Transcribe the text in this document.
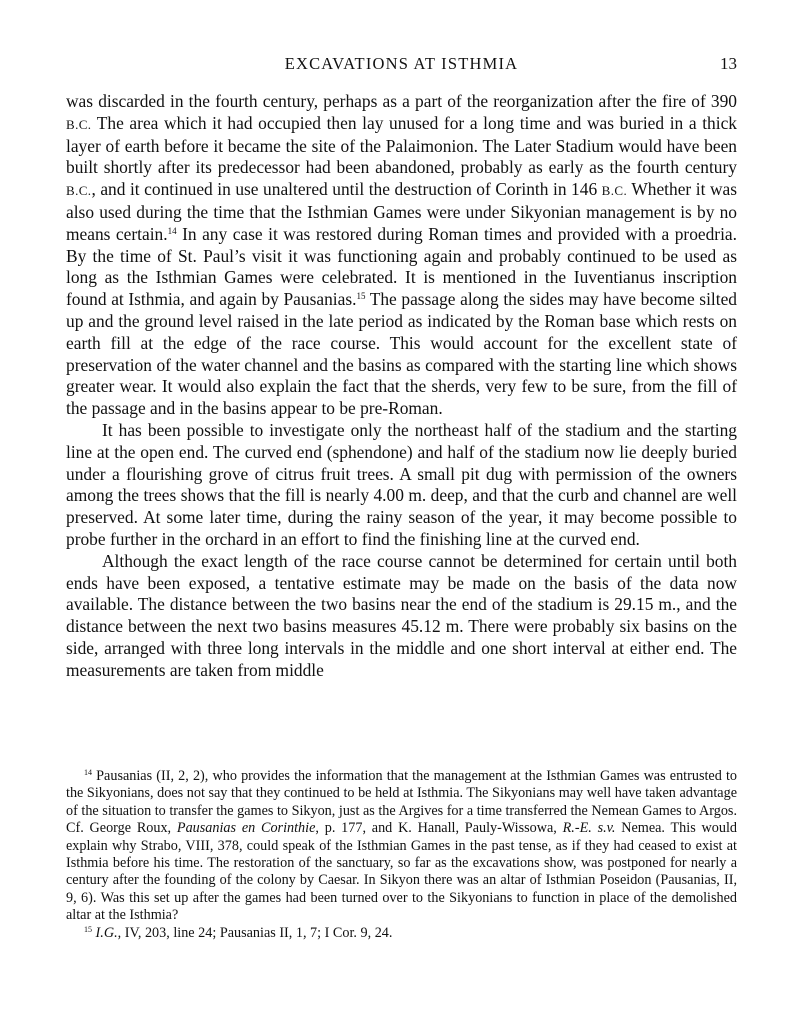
EXCAVATIONS AT ISTHMIA	13

was discarded in the fourth century, perhaps as a part of the reorganization after the fire of 390 B.C. The area which it had occupied then lay unused for a long time and was buried in a thick layer of earth before it became the site of the Palaimonion. The Later Stadium would have been built shortly after its predecessor had been abandoned, probably as early as the fourth century B.C., and it continued in use unaltered until the destruction of Corinth in 146 B.C. Whether it was also used during the time that the Isthmian Games were under Sikyonian management is by no means certain.$^{14}$ In any case it was restored during Roman times and provided with a proedria. By the time of St. Paul’s visit it was functioning again and probably continued to be used as long as the Isthmian Games were celebrated. It is mentioned in the Iuventianus inscription found at Isthmia, and again by Pausanias.$^{15}$ The passage along the sides may have become silted up and the ground level raised in the late period as indicated by the Roman base which rests on earth fill at the edge of the race course. This would account for the excellent state of preservation of the water channel and the basins as compared with the starting line which shows greater wear. It would also explain the fact that the sherds, very few to be sure, from the fill of the passage and in the basins appear to be pre-Roman.

It has been possible to investigate only the northeast half of the stadium and the starting line at the open end. The curved end (sphendone) and half of the stadium now lie deeply buried under a flourishing grove of citrus fruit trees. A small pit dug with permission of the owners among the trees shows that the fill is nearly 4.00 m. deep, and that the curb and channel are well preserved. At some later time, during the rainy season of the year, it may become possible to probe further in the orchard in an effort to find the finishing line at the curved end.

Although the exact length of the race course cannot be determined for certain until both ends have been exposed, a tentative estimate may be made on the basis of the data now available. The distance between the two basins near the end of the stadium is 29.15 m., and the distance between the next two basins measures 45.12 m. There were probably six basins on the side, arranged with three long intervals in the middle and one short interval at either end. The measurements are taken from middle

$^{14}$ Pausanias (II, 2, 2), who provides the information that the management at the Isthmian Games was entrusted to the Sikyonians, does not say that they continued to be held at Isthmia. The Sikyonians may well have taken advantage of the situation to transfer the games to Sikyon, just as the Argives for a time transferred the Nemean Games to Argos. Cf. George Roux, Pausanias en Corinthie, p. 177, and K. Hanall, Pauly-Wissowa, R.-E. s.v. Nemea. This would explain why Strabo, VIII, 378, could speak of the Isthmian Games in the past tense, as if they had ceased to exist at Isthmia before his time. The restoration of the sanctuary, so far as the excavations show, was postponed for nearly a century after the founding of the colony by Caesar. In Sikyon there was an altar of Isthmian Poseidon (Pausanias, II, 9, 6). Was this set up after the games had been turned over to the Sikyonians to function in place of the demolished altar at the Isthmia?

$^{15}$ I.G., IV, 203, line 24; Pausanias II, 1, 7; I Cor. 9, 24.
